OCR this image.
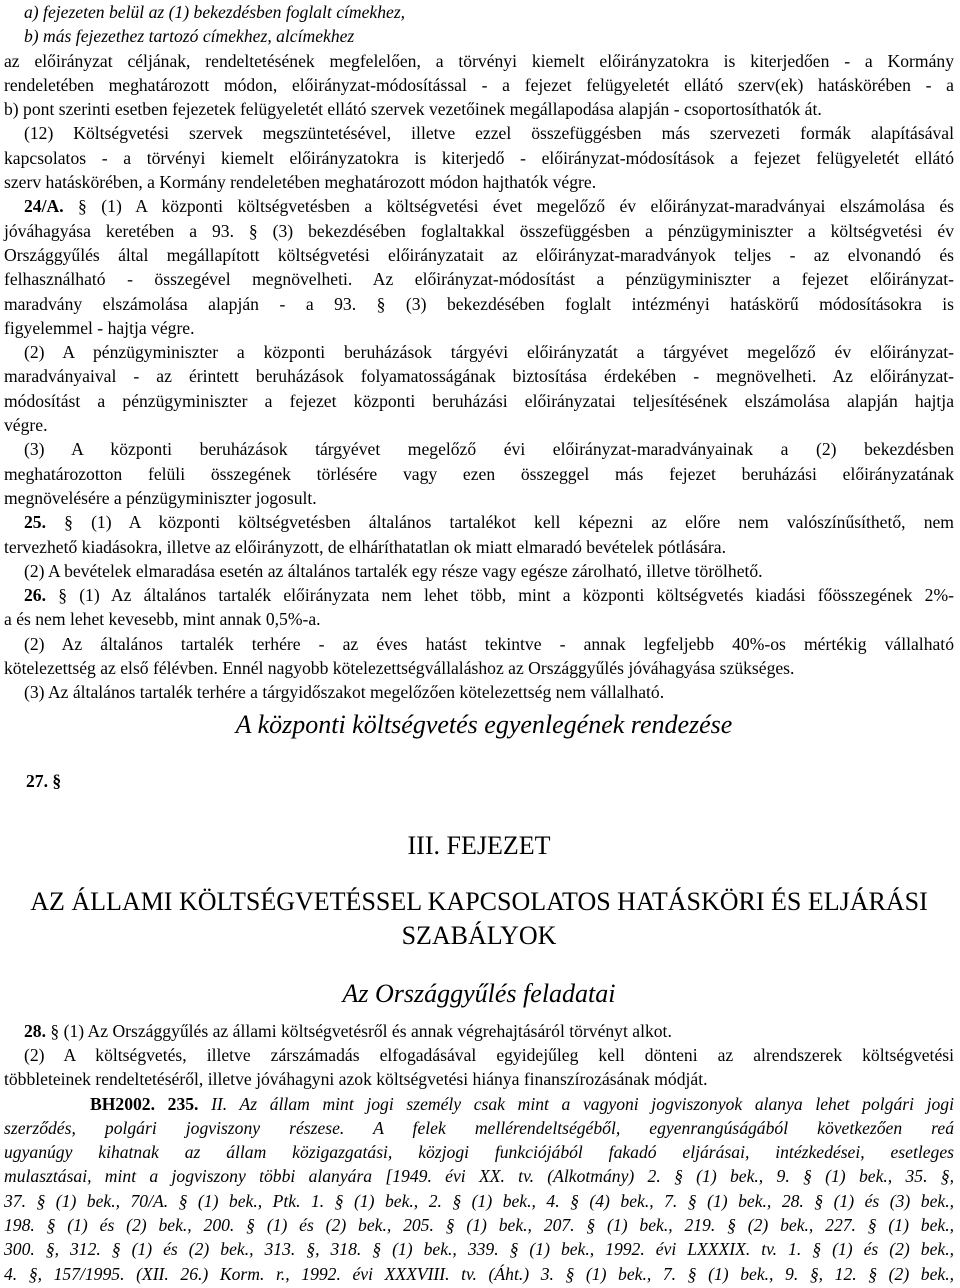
a) fejezeten belül az (1) bekezdésben foglalt címekhez,
b) más fejezethez tartozó címekhez, alcímekhez
az előirányzat céljának, rendeltetésének megfelelően, a törvényi kiemelt előirányzatokra is kiterjedően - a Kormány
rendeletében meghatározott módon, előirányzat-módosítással - a fejezet felügyeletét ellátó szerv(ek) hatáskörében - a
b) pont szerinti esetben fejezetek felügyeletét ellátó szervek vezetőinek megállapodása alapján - csoportosíthatók át.
(12) Költségvetési szervek megszüntetésével, illetve ezzel összefüggésben más szervezeti formák alapításával
kapcsolatos - a törvényi kiemelt előirányzatokra is kiterjedő - előirányzat-módosítások a fejezet felügyeletét ellátó
szerv hatáskörében, a Kormány rendeletében meghatározott módon hajthatók végre.
24/A. § (1) A központi költségvetésben a költségvetési évet megelőző év előirányzat-maradványai elszámolása és
jóváhagyása keretében a 93. § (3) bekezdésében foglaltakkal összefüggésben a pénzügyminiszter a költségvetési év
Országgyűlés által megállapított költségvetési előirányzatait az előirányzat-maradványok teljes - az elvonandó és
felhasználható - összegével megnövelheti. Az előirányzat-módosítást a pénzügyminiszter a fejezet előirányzat-
maradvány elszámolása alapján - a 93. § (3) bekezdésében foglalt intézményi hatáskörű módosításokra is
figyelemmel - hajtja végre.
(2) A pénzügyminiszter a központi beruházások tárgyévi előirányzatát a tárgyévet megelőző év előirányzat-
maradványaival - az érintett beruházások folyamatosságának biztosítása érdekében - megnövelheti. Az előirányzat-
módosítást a pénzügyminiszter a fejezet központi beruházási előirányzatai teljesítésének elszámolása alapján hajtja
végre.
(3) A központi beruházások tárgyévet megelőző évi előirányzat-maradványainak a (2) bekezdésben
meghatározotton felüli összegének törlésére vagy ezen összeggel más fejezet beruházási előirányzatának
megnövelésére a pénzügyminiszter jogosult.
25. § (1) A központi költségvetésben általános tartalékot kell képezni az előre nem valószínűsíthető, nem
tervezhető kiadásokra, illetve az előirányzott, de elháríthatatlan ok miatt elmaradó bevételek pótlására.
(2) A bevételek elmaradása esetén az általános tartalék egy része vagy egésze zárolható, illetve törölhető.
26. § (1) Az általános tartalék előirányzata nem lehet több, mint a központi költségvetés kiadási főösszegének 2%-
a és nem lehet kevesebb, mint annak 0,5%-a.
(2) Az általános tartalék terhére - az éves hatást tekintve - annak legfeljebb 40%-os mértékig vállalható
kötelezettség az első félévben. Ennél nagyobb kötelezettségvállaláshoz az Országgyűlés jóváhagyása szükséges.
(3) Az általános tartalék terhére a tárgyidőszakot megelőzően kötelezettség nem vállalható.
A központi költségvetés egyenlegének rendezése
27. §
III. FEJEZET
AZ ÁLLAMI KÖLTSÉGVETÉSSEL KAPCSOLATOS HATÁSKÖRI ÉS ELJÁRÁSI
SZABÁLYOK
Az Országgyűlés feladatai
28. § (1) Az Országgyűlés az állami költségvetésről és annak végrehajtásáról törvényt alkot.
(2) A költségvetés, illetve zárszámadás elfogadásával egyidejűleg kell dönteni az alrendszerek költségvetési
többleteinek rendeltetéséről, illetve jóváhagyni azok költségvetési hiánya finanszírozásának módját.
BH2002. 235. II. Az állam mint jogi személy csak mint a vagyoni jogviszonyok alanya lehet polgári jogi
szerződés, polgári jogviszony részese. A felek mellérendeltségéből, egyenrangúságából következően reá
ugyanúgy kihatnak az állam közigazgatási, közjogi funkciójából fakadó eljárásai, intézkedései, esetleges
mulasztásai, mint a jogviszony többi alanyára [1949. évi XX. tv. (Alkotmány) 2. § (1) bek., 9. § (1) bek., 35. §,
37. § (1) bek., 70/A. § (1) bek., Ptk. 1. § (1) bek., 2. § (1) bek., 4. § (4) bek., 7. § (1) bek., 28. § (1) és (3) bek.,
198. § (1) és (2) bek., 200. § (1) és (2) bek., 205. § (1) bek., 207. § (1) bek., 219. § (2) bek., 227. § (1) bek.,
300. §, 312. § (1) és (2) bek., 313. §, 318. § (1) bek., 339. § (1) bek., 1992. évi LXXXIX. tv. 1. § (1) és (2) bek.,
4. §, 157/1995. (XII. 26.) Korm. r., 1992. évi XXXVIII. tv. (Áht.) 3. § (1) bek., 7. § (1) bek., 9. §, 12. § (2) bek.,
